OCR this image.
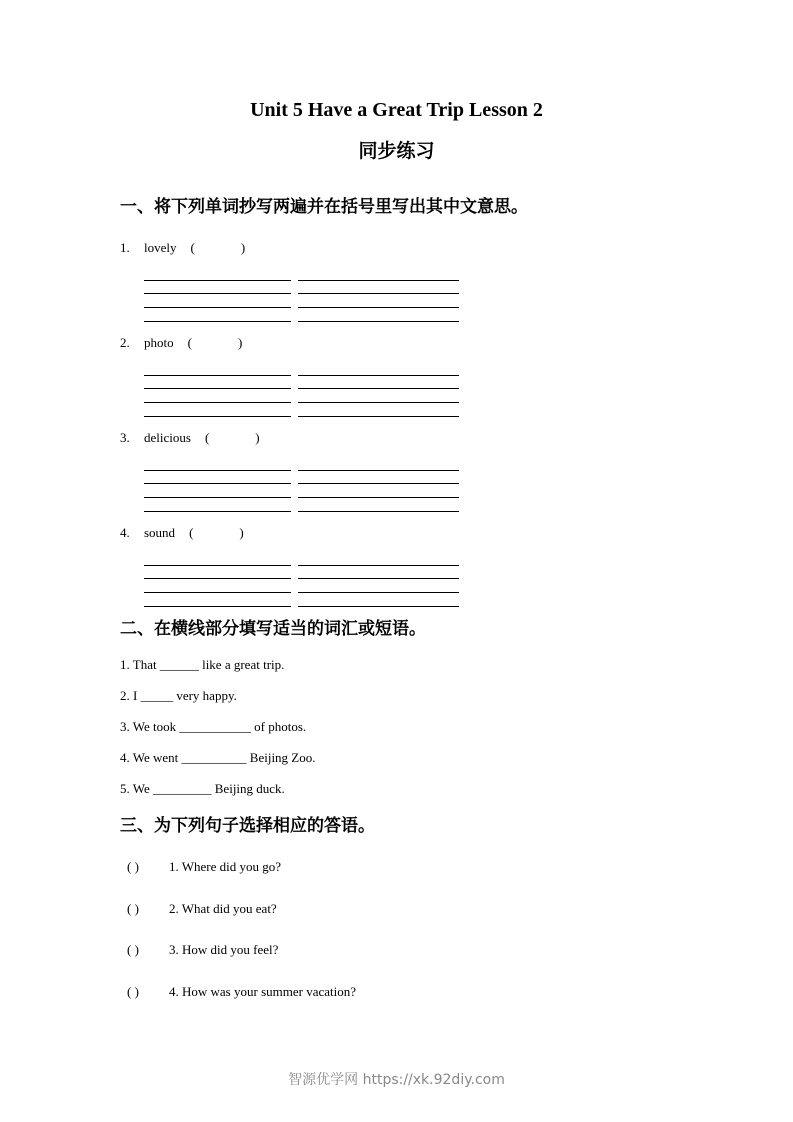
Unit 5 Have a Great Trip Lesson 2
同步练习
一、将下列单词抄写两遍并在括号里写出其中文意思。
1. lovely (	)
2. photo (	)
3. delicious (	)
4. sound (	)
二、在横线部分填写适当的词汇或短语。
1. That ______ like a great trip.
2. I _____ very happy.
3. We took ___________ of photos.
4. We went __________ Beijing Zoo.
5. We _________ Beijing duck.
三、为下列句子选择相应的答语。
( ) 1. Where did you go?
( ) 2. What did you eat?
( ) 3. How did you feel?
( ) 4. How was your summer vacation?
智源优学网 https://xk.92diy.com
